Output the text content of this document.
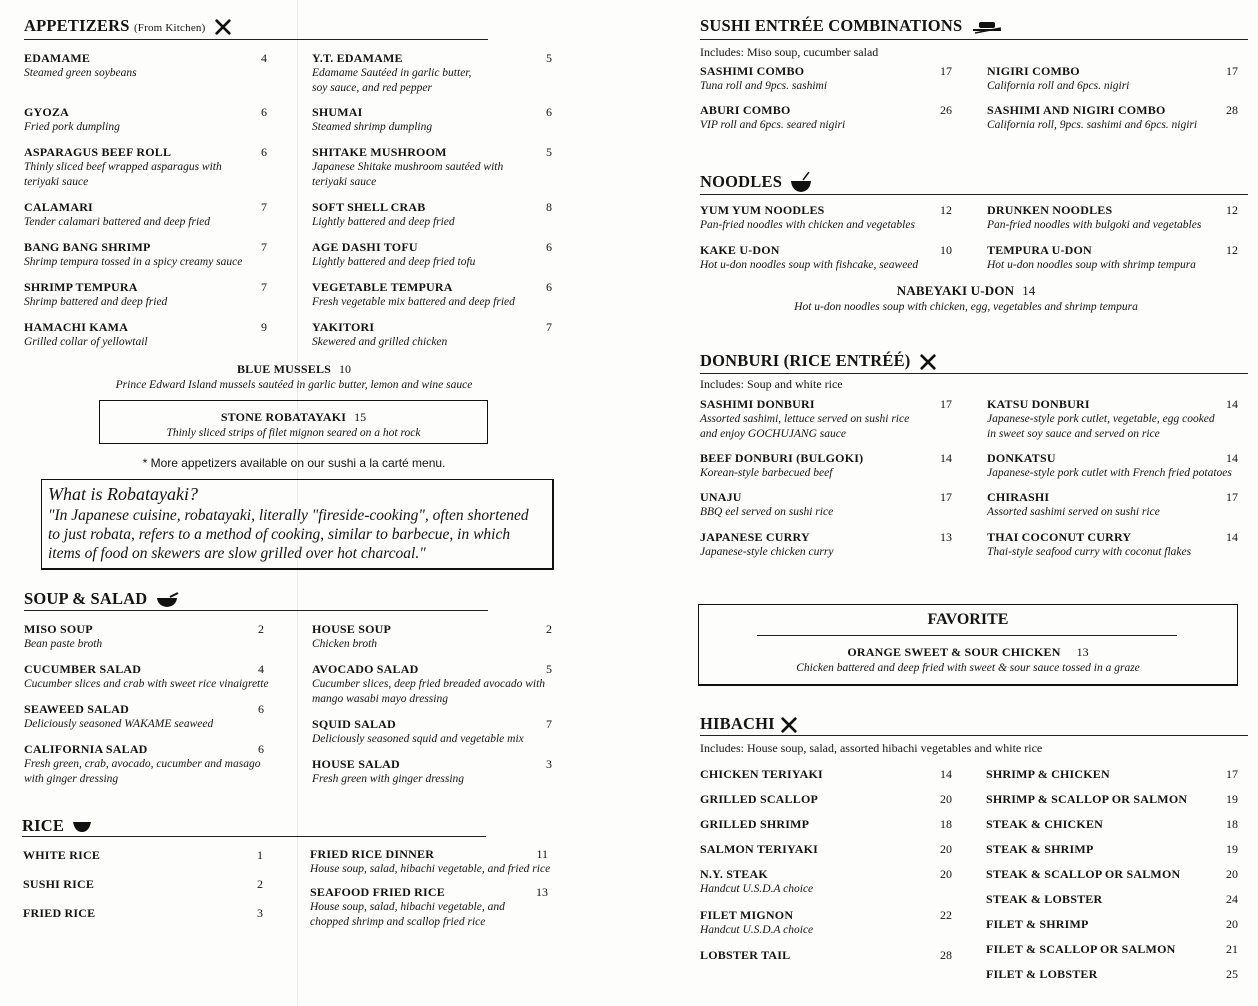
APPETIZERS (From Kitchen)
EDAMAME
Steamed green soybeans
4
GYOZA
Fried pork dumpling
6
ASPARAGUS BEEF ROLL
Thinly sliced beef wrapped asparagus with teriyaki sauce
6
CALAMARI
Tender calamari battered and deep fried
7
BANG BANG SHRIMP
Shrimp tempura tossed in a spicy creamy sauce
7
SHRIMP TEMPURA
Shrimp battered and deep fried
7
HAMACHI KAMA
Grilled collar of yellowtail
9
Y.T. EDAMAME
Edamame Sautéed in garlic butter, soy sauce, and red pepper
5
SHUMAI
Steamed shrimp dumpling
6
SHITAKE MUSHROOM
Japanese Shitake mushroom sautéed with teriyaki sauce
5
SOFT SHELL CRAB
Lightly battered and deep fried
8
AGE DASHI TOFU
Lightly battered and deep fried tofu
6
VEGETABLE TEMPURA
Fresh vegetable mix battered and deep fried
6
YAKITORI
Skewered and grilled chicken
7
BLUE MUSSELS 10
Prince Edward Island mussels sautéed in garlic butter, lemon and wine sauce
STONE ROBATAYAKI 15
Thinly sliced strips of filet mignon seared on a hot rock
* More appetizers available on our sushi a la carté menu.
What is Robatayaki?
"In Japanese cuisine, robatayaki, literally "fireside-cooking", often shortened to just robata, refers to a method of cooking, similar to barbecue, in which items of food on skewers are slow grilled over hot charcoal."
SOUP & SALAD
MISO SOUP
Bean paste broth
2
CUCUMBER SALAD
Cucumber slices and crab with sweet rice vinaigrette
4
SEAWEED SALAD
Deliciously seasoned WAKAME seaweed
6
CALIFORNIA SALAD
Fresh green, crab, avocado, cucumber and masago with ginger dressing
6
HOUSE SOUP
Chicken broth
2
AVOCADO SALAD
Cucumber slices, deep fried breaded avocado with mango wasabi mayo dressing
5
SQUID SALAD
Deliciously seasoned squid and vegetable mix
7
HOUSE SALAD
Fresh green with ginger dressing
3
RICE
WHITE RICE	1
SUSHI RICE	2
FRIED RICE	3
FRIED RICE DINNER
House soup, salad, hibachi vegetable, and fried rice
11
SEAFOOD FRIED RICE
House soup, salad, hibachi vegetable, and chopped shrimp and scallop fried rice
13
SUSHI ENTRÉE COMBINATIONS
Includes: Miso soup, cucumber salad
SASHIMI COMBO
Tuna roll and 9pcs. sashimi
17
ABURI COMBO
VIP roll and 6pcs. seared nigiri
26
NIGIRI COMBO
California roll and 6pcs. nigiri
17
SASHIMI AND NIGIRI COMBO
California roll, 9pcs. sashimi and 6pcs. nigiri
28
NOODLES
YUM YUM NOODLES
Pan-fried noodles with chicken and vegetables
12
KAKE U-DON
Hot u-don noodles soup with fishcake, seaweed
10
DRUNKEN NOODLES
Pan-fried noodles with bulgoki and vegetables
12
TEMPURA U-DON
Hot u-don noodles soup with shrimp tempura
12
NABEYAKI U-DON 14
Hot u-don noodles soup with chicken, egg, vegetables and shrimp tempura
DONBURI (RICE ENTRÉÉ)
Includes: Soup and white rice
SASHIMI DONBURI
Assorted sashimi, lettuce served on sushi rice and enjoy GOCHUJANG sauce
17
BEEF DONBURI (BULGOKI)
Korean-style barbecued beef
14
UNAJU
BBQ eel served on sushi rice
17
JAPANESE CURRY
Japanese-style chicken curry
13
KATSU DONBURI
Japanese-style pork cutlet, vegetable, egg cooked in sweet soy sauce and served on rice
14
DONKATSU
Japanese-style pork cutlet with French fried potatoes
14
CHIRASHI
Assorted sashimi served on sushi rice
17
THAI COCONUT CURRY
Thai-style seafood curry with coconut flakes
14
FAVORITE
ORANGE SWEET & SOUR CHICKEN 13
Chicken battered and deep fried with sweet & sour sauce tossed in a graze
HIBACHI
Includes: House soup, salad, assorted hibachi vegetables and white rice
CHICKEN TERIYAKI	14
GRILLED SCALLOP	20
GRILLED SHRIMP	18
SALMON TERIYAKI	20
N.Y. STEAK
Handcut U.S.D.A choice
20
FILET MIGNON
Handcut U.S.D.A choice
22
LOBSTER TAIL	28
SHRIMP & CHICKEN	17
SHRIMP & SCALLOP OR SALMON	19
STEAK & CHICKEN	18
STEAK & SHRIMP	19
STEAK & SCALLOP OR SALMON	20
STEAK & LOBSTER	24
FILET & SHRIMP	20
FILET & SCALLOP OR SALMON	21
FILET & LOBSTER	25
